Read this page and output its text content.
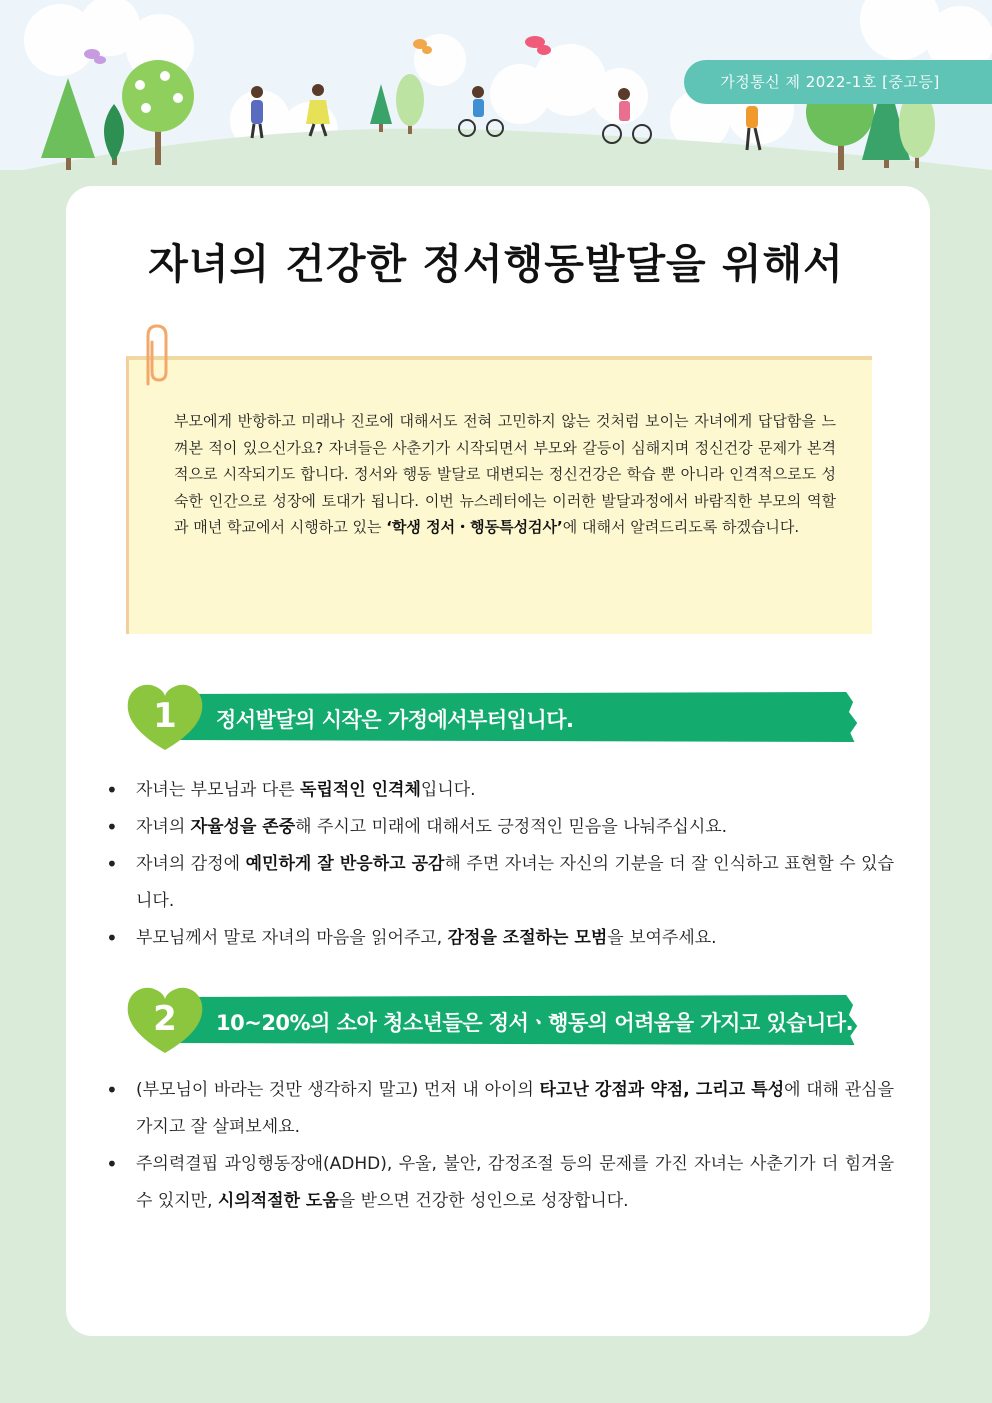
가정통신 제 2022-1호 [중고등]
자녀의 건강한 정서행동발달을 위해서
부모에게 반항하고 미래나 진로에 대해서도 전혀 고민하지 않는 것처럼 보이는 자녀에게 답답함을 느껴본 적이 있으신가요? 자녀들은 사춘기가 시작되면서 부모와 갈등이 심해지며 정신건강 문제가 본격적으로 시작되기도 합니다. 정서와 행동 발달로 대변되는 정신건강은 학습 뿐 아니라 인격적으로도 성숙한 인간으로 성장에 토대가 됩니다. 이번 뉴스레터에는 이러한 발달과정에서 바람직한 부모의 역할과 매년 학교에서 시행하고 있는 ‘학생 정서・행동특성검사’에 대해서 알려드리도록 하겠습니다.
1	정서발달의 시작은 가정에서부터입니다.
• 자녀는 부모님과 다른 독립적인 인격체입니다.
• 자녀의 자율성을 존중해 주시고 미래에 대해서도 긍정적인 믿음을 나눠주십시요.
• 자녀의 감정에 예민하게 잘 반응하고 공감해 주면 자녀는 자신의 기분을 더 잘 인식하고 표현할 수 있습니다.
• 부모님께서 말로 자녀의 마음을 읽어주고, 감정을 조절하는 모범을 보여주세요.
2	10~20%의 소아 청소년들은 정서ㆍ행동의 어려움을 가지고 있습니다.
• (부모님이 바라는 것만 생각하지 말고) 먼저 내 아이의 타고난 강점과 약점, 그리고 특성에 대해 관심을 가지고 잘 살펴보세요.
• 주의력결핍 과잉행동장애(ADHD), 우울, 불안, 감정조절 등의 문제를 가진 자녀는 사춘기가 더 힘겨울 수 있지만, 시의적절한 도움을 받으면 건강한 성인으로 성장합니다.
